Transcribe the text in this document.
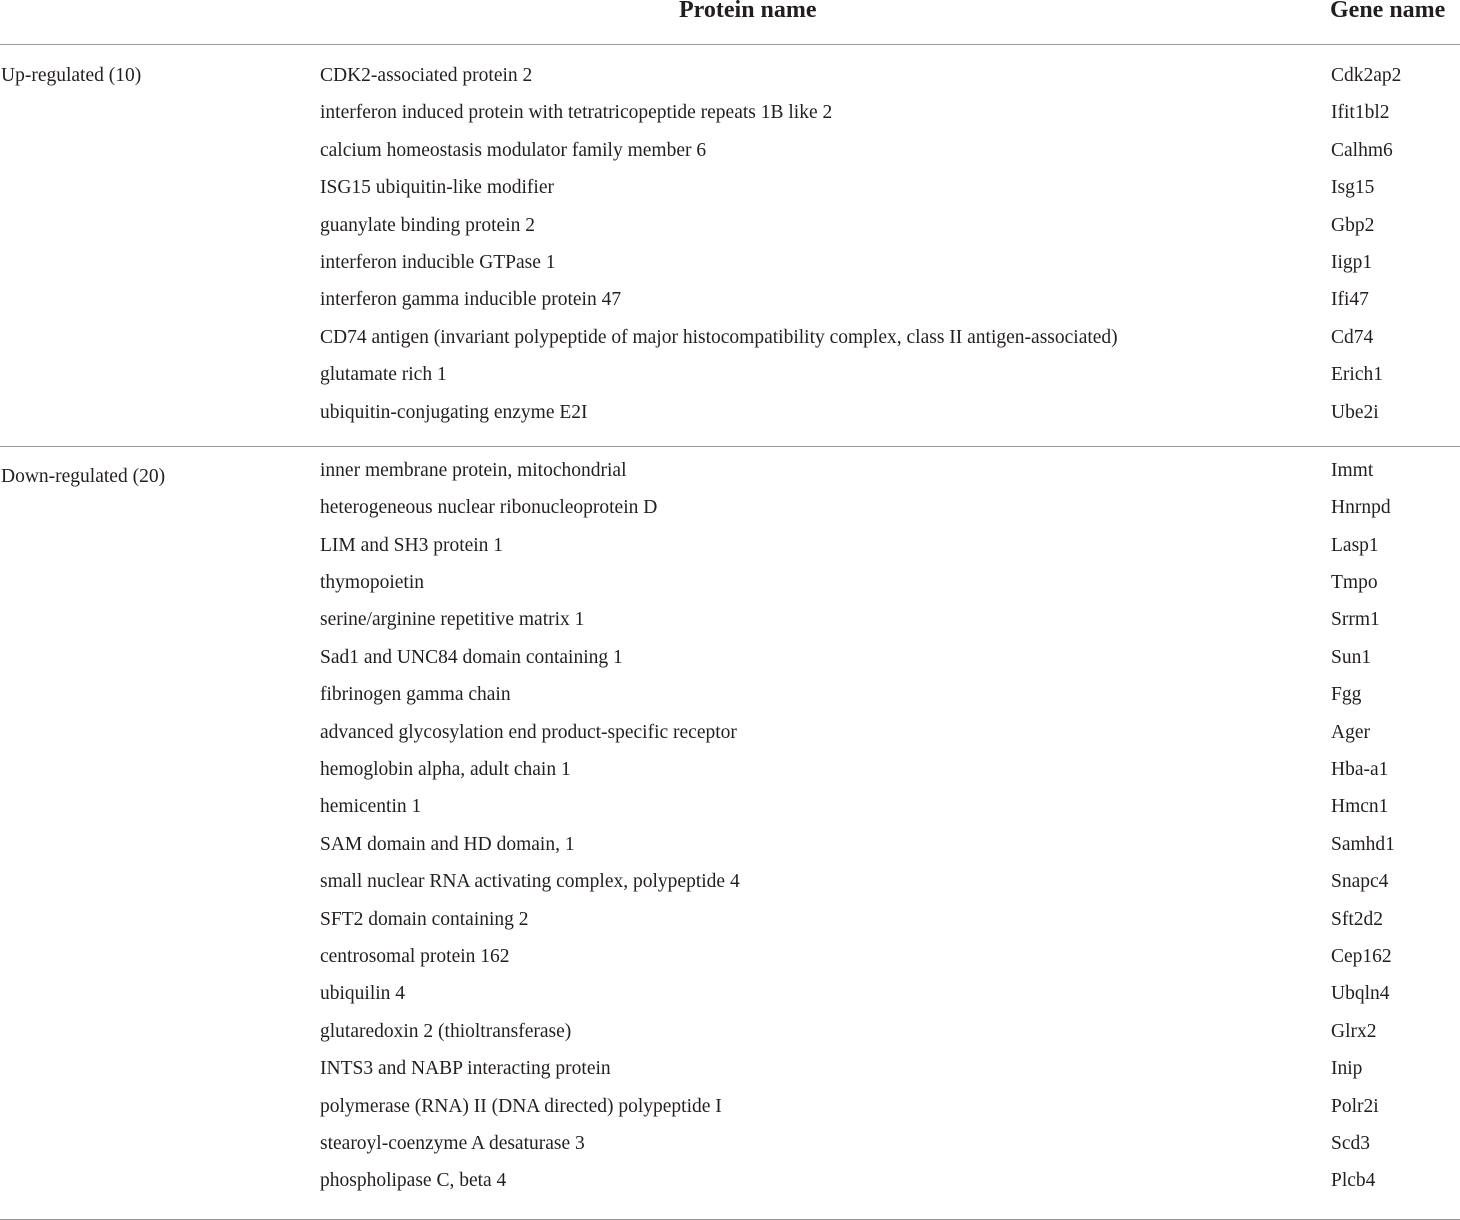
Protein name	Gene name
Up-regulated (10)	CDK2-associated protein 2	Cdk2ap2
interferon induced protein with tetratricopeptide repeats 1B like 2	Ifit1bl2
calcium homeostasis modulator family member 6	Calhm6
ISG15 ubiquitin-like modifier	Isg15
guanylate binding protein 2	Gbp2
interferon inducible GTPase 1	Iigp1
interferon gamma inducible protein 47	Ifi47
CD74 antigen (invariant polypeptide of major histocompatibility complex, class II antigen-associated)	Cd74
glutamate rich 1	Erich1
ubiquitin-conjugating enzyme E2I	Ube2i
Down-regulated (20)	inner membrane protein, mitochondrial	Immt
heterogeneous nuclear ribonucleoprotein D	Hnrnpd
LIM and SH3 protein 1	Lasp1
thymopoietin	Tmpo
serine/arginine repetitive matrix 1	Srrm1
Sad1 and UNC84 domain containing 1	Sun1
fibrinogen gamma chain	Fgg
advanced glycosylation end product-specific receptor	Ager
hemoglobin alpha, adult chain 1	Hba-a1
hemicentin 1	Hmcn1
SAM domain and HD domain, 1	Samhd1
small nuclear RNA activating complex, polypeptide 4	Snapc4
SFT2 domain containing 2	Sft2d2
centrosomal protein 162	Cep162
ubiquilin 4	Ubqln4
glutaredoxin 2 (thioltransferase)	Glrx2
INTS3 and NABP interacting protein	Inip
polymerase (RNA) II (DNA directed) polypeptide I	Polr2i
stearoyl-coenzyme A desaturase 3	Scd3
phospholipase C, beta 4	Plcb4
